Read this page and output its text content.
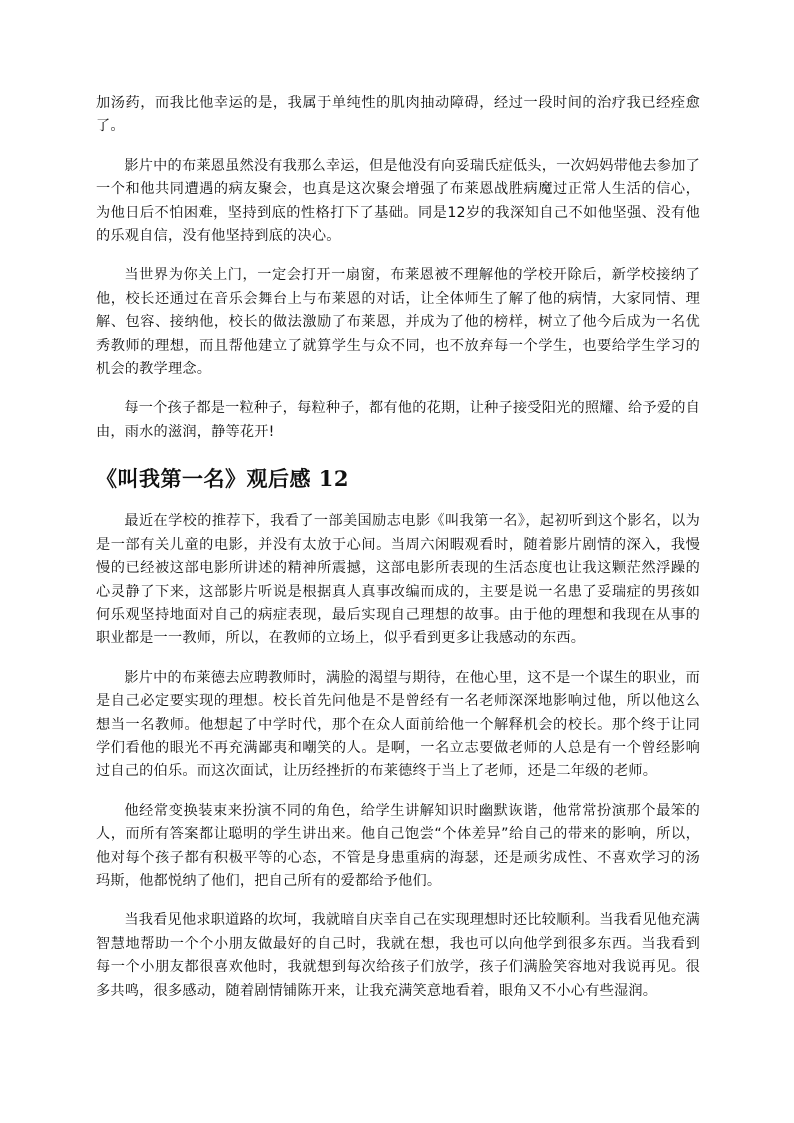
加汤药，而我比他幸运的是，我属于单纯性的肌肉抽动障碍，经过一段时间的治疗我已经痊愈了。

影片中的布莱恩虽然没有我那么幸运，但是他没有向妥瑞氏症低头，一次妈妈带他去参加了一个和他共同遭遇的病友聚会，也真是这次聚会增强了布莱恩战胜病魔过正常人生活的信心，为他日后不怕困难，坚持到底的性格打下了基础。同是12岁的我深知自己不如他坚强、没有他的乐观自信，没有他坚持到底的决心。

当世界为你关上门，一定会打开一扇窗，布莱恩被不理解他的学校开除后，新学校接纳了他，校长还通过在音乐会舞台上与布莱恩的对话，让全体师生了解了他的病情，大家同情、理解、包容、接纳他，校长的做法激励了布莱恩，并成为了他的榜样，树立了他今后成为一名优秀教师的理想，而且帮他建立了就算学生与众不同，也不放弃每一个学生，也要给学生学习的机会的教学理念。

每一个孩子都是一粒种子，每粒种子，都有他的花期，让种子接受阳光的照耀、给予爱的自由，雨水的滋润，静等花开!

《叫我第一名》观后感 12

最近在学校的推荐下，我看了一部美国励志电影《叫我第一名》，起初听到这个影名，以为是一部有关儿童的电影，并没有太放于心间。当周六闲暇观看时，随着影片剧情的深入，我慢慢的已经被这部电影所讲述的精神所震撼，这部电影所表现的生活态度也让我这颗茫然浮躁的心灵静了下来，这部影片听说是根据真人真事改编而成的，主要是说一名患了妥瑞症的男孩如何乐观坚持地面对自己的病症表现，最后实现自己理想的故事。由于他的理想和我现在从事的职业都是一一教师，所以，在教师的立场上，似乎看到更多让我感动的东西。

影片中的布莱德去应聘教师时，满脸的渴望与期待，在他心里，这不是一个谋生的职业，而是自己必定要实现的理想。校长首先问他是不是曾经有一名老师深深地影响过他，所以他这么想当一名教师。他想起了中学时代，那个在众人面前给他一个解释机会的校长。那个终于让同学们看他的眼光不再充满鄙夷和嘲笑的人。是啊，一名立志要做老师的人总是有一个曾经影响过自己的伯乐。而这次面试，让历经挫折的布莱德终于当上了老师，还是二年级的老师。

他经常变换装束来扮演不同的角色，给学生讲解知识时幽默诙谐，他常常扮演那个最笨的人，而所有答案都让聪明的学生讲出来。他自己饱尝“个体差异”给自己的带来的影响，所以，他对每个孩子都有积极平等的心态，不管是身患重病的海瑟，还是顽劣成性、不喜欢学习的汤玛斯，他都悦纳了他们，把自己所有的爱都给予他们。

当我看见他求职道路的坎坷，我就暗自庆幸自己在实现理想时还比较顺利。当我看见他充满智慧地帮助一个个小朋友做最好的自己时，我就在想，我也可以向他学到很多东西。当我看到每一个小朋友都很喜欢他时，我就想到每次给孩子们放学，孩子们满脸笑容地对我说再见。很多共鸣，很多感动，随着剧情铺陈开来，让我充满笑意地看着，眼角又不小心有些湿润。
